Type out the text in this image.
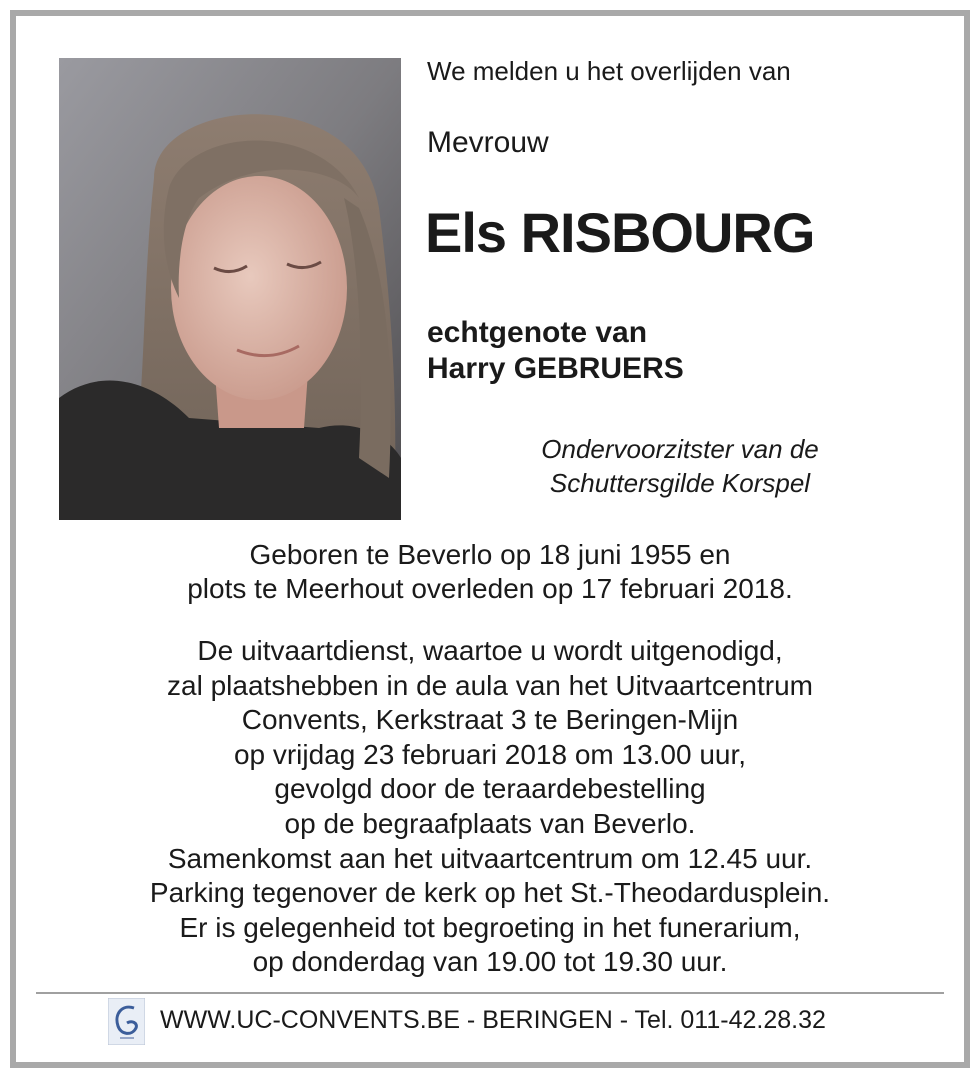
We melden u het overlijden van
Mevrouw
Els RISBOURG
echtgenote van
Harry GEBRUERS
Ondervoorzitster van de
Schuttersgilde Korspel
Geboren te Beverlo op 18 juni 1955 en
plots te Meerhout overleden op 17 februari 2018.
De uitvaartdienst, waartoe u wordt uitgenodigd,
zal plaatshebben in de aula van het Uitvaartcentrum
Convents, Kerkstraat 3 te Beringen-Mijn
op vrijdag 23 februari 2018 om 13.00 uur,
gevolgd door de teraardebestelling
op de begraafplaats van Beverlo.
Samenkomst aan het uitvaartcentrum om 12.45 uur.
Parking tegenover de kerk op het St.-Theodardusplein.
Er is gelegenheid tot begroeting in het funerarium,
op donderdag van 19.00 tot 19.30 uur.
WWW.UC-CONVENTS.BE - BERINGEN - Tel. 011-42.28.32
